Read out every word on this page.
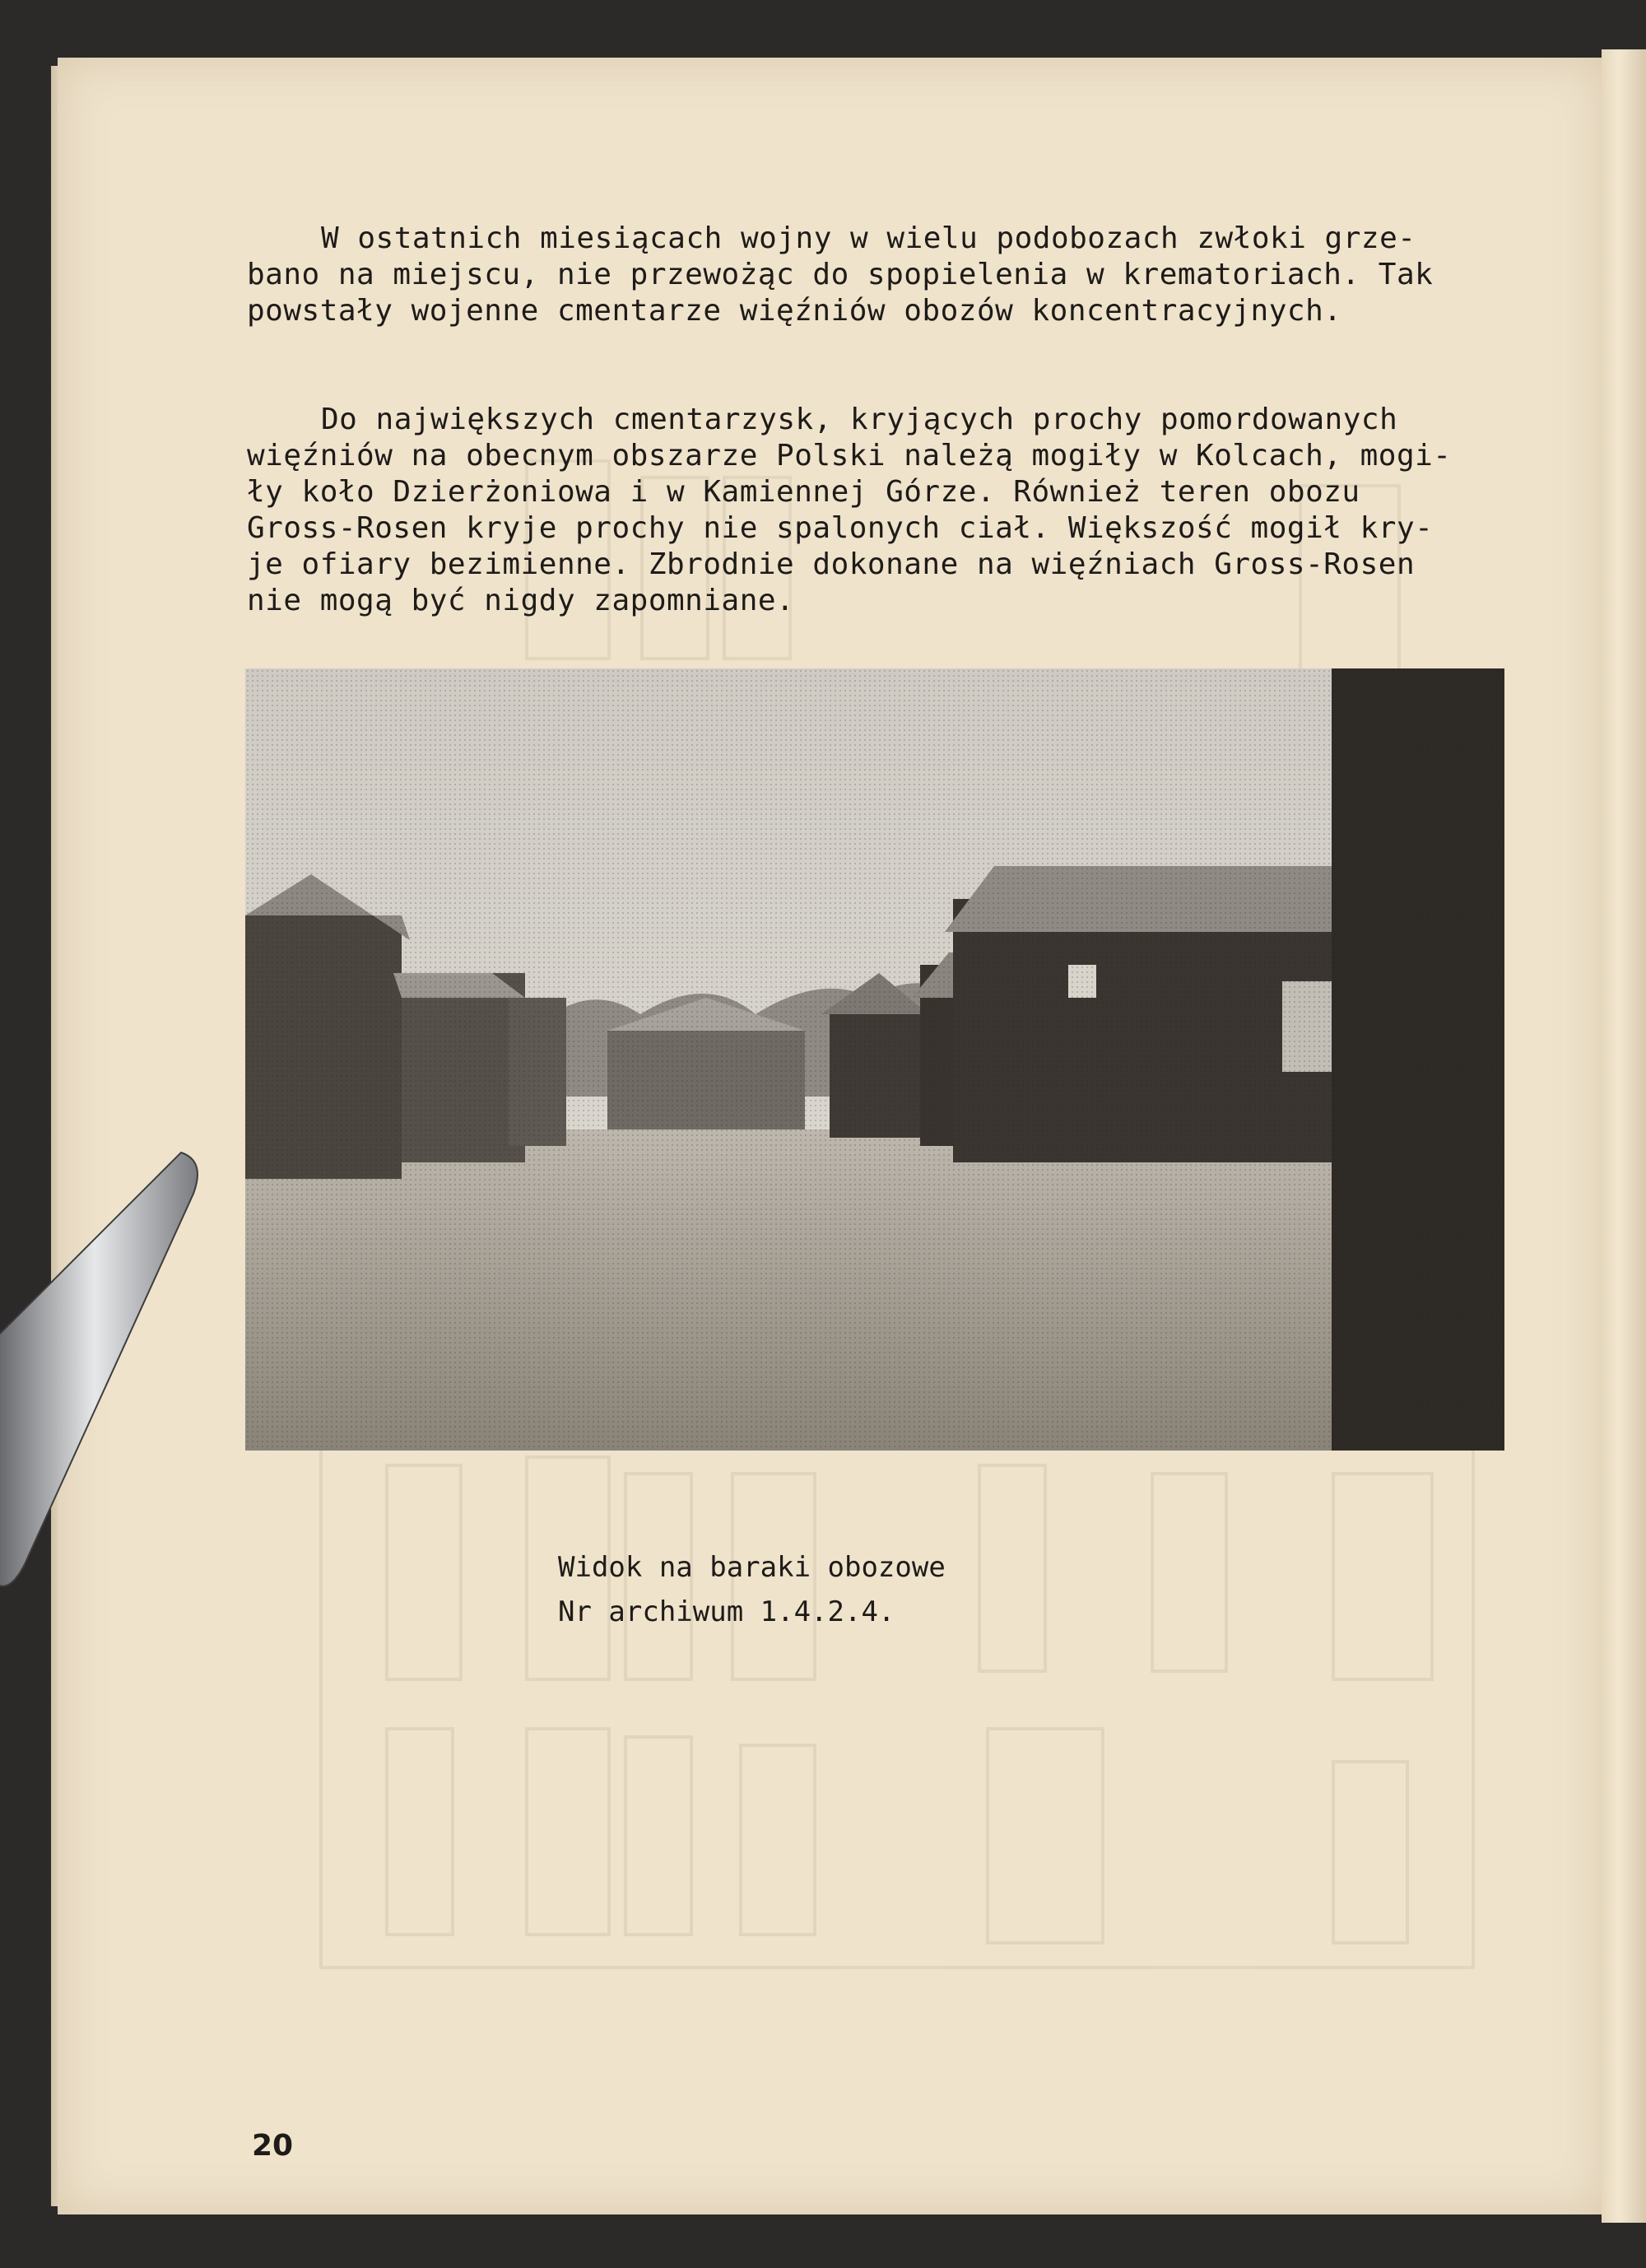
W ostatnich miesiącach wojny w wielu podobozach zwłoki grze-
bano na miejscu, nie przewożąc do spopielenia w krematoriach. Tak
powstały wojenne cmentarze więźniów obozów koncentracyjnych.

Do największych cmentarzysk, kryjących prochy pomordowanych
więźniów na obecnym obszarze Polski należą mogiły w Kolcach, mogi-
ły koło Dzierżoniowa i w Kamiennej Górze. Również teren obozu
Gross-Rosen kryje prochy nie spalonych ciał. Większość mogił kry-
je ofiary bezimienne. Zbrodnie dokonane na więźniach Gross-Rosen
nie mogą być nigdy zapomniane.

Widok na baraki obozowe
Nr archiwum 1.4.2.4.
20
